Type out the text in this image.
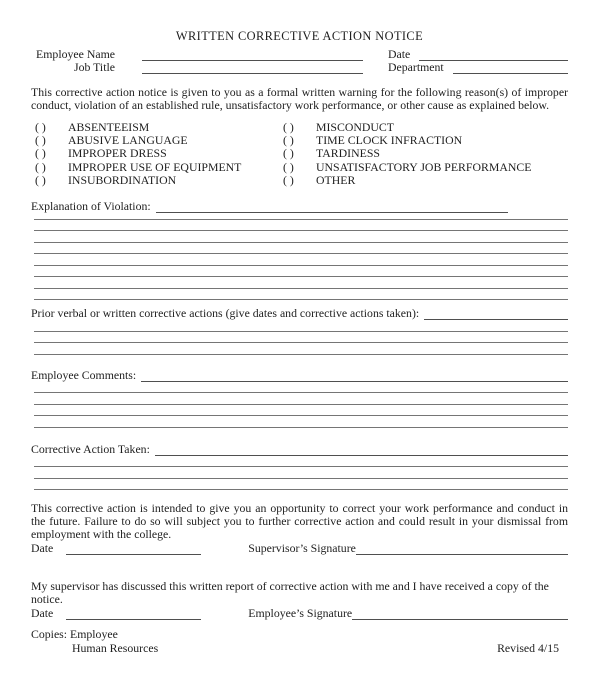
WRITTEN CORRECTIVE ACTION NOTICE
Employee Name	Date
Job Title	Department
This corrective action notice is given to you as a formal written warning for the following reason(s) of improper conduct, violation of an established rule, unsatisfactory work performance, or other cause as explained below.
( )	ABSENTEEISM	( )	MISCONDUCT
( )	ABUSIVE LANGUAGE	( )	TIME CLOCK INFRACTION
( )	IMPROPER DRESS	( )	TARDINESS
( )	IMPROPER USE OF EQUIPMENT	( )	UNSATISFACTORY JOB PERFORMANCE
( )	INSUBORDINATION	( )	OTHER
Explanation of Violation:
Prior verbal or written corrective actions (give dates and corrective actions taken):
Employee Comments:
Corrective Action Taken:
This corrective action is intended to give you an opportunity to correct your work performance and conduct in the future. Failure to do so will subject you to further corrective action and could result in your dismissal from employment with the college.
Date	Supervisor’s Signature
My supervisor has discussed this written report of corrective action with me and I have received a copy of the notice.
Date	Employee’s Signature
Copies: Employee
Human Resources	Revised 4/15
